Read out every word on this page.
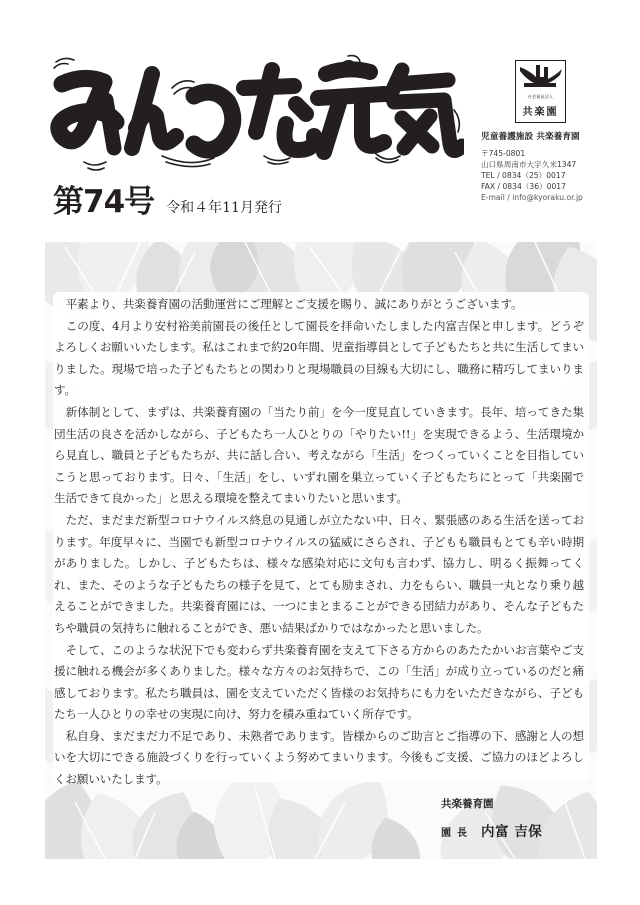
第74号 令和４年11月発行
社会福祉法人
共楽園
児童養護施設 共楽養育園
〒745-0801
山口県周南市大字久米1347
TEL / 0834（25）0017
FAX / 0834（36）0017
E-mail / info@kyoraku.or.jp

平素より、共楽養育園の活動運営にご理解とご支援を賜り、誠にありがとうございます。

この度、4月より安村裕美前園長の後任として園長を拝命いたしました内富吉保と申します。どうぞよろしくお願いいたします。私はこれまで約20年間、児童指導員として子どもたちと共に生活してまいりました。現場で培った子どもたちとの関わりと現場職員の目線も大切にし、職務に精巧してまいります。

新体制として、まずは、共楽養育園の「当たり前」を今一度見直していきます。長年、培ってきた集団生活の良さを活かしながら、子どもたち一人ひとりの「やりたい!!」を実現できるよう、生活環境から見直し、職員と子どもたちが、共に話し合い、考えながら「生活」をつくっていくことを目指していこうと思っております。日々、「生活」をし、いずれ園を巣立っていく子どもたちにとって「共楽園で生活できて良かった」と思える環境を整えてまいりたいと思います。

ただ、まだまだ新型コロナウイルス終息の見通しが立たない中、日々、緊張感のある生活を送っております。年度早々に、当園でも新型コロナウイルスの猛威にさらされ、子どもも職員もとても辛い時期がありました。しかし、子どもたちは、様々な感染対応に文句も言わず、協力し、明るく振舞ってくれ、また、そのような子どもたちの様子を見て、とても励まされ、力をもらい、職員一丸となり乗り越えることができました。共楽養育園には、一つにまとまることができる団結力があり、そんな子どもたちや職員の気持ちに触れることができ、悪い結果ばかりではなかったと思いました。

そして、このような状況下でも変わらず共楽養育園を支えて下さる方からのあたたかいお言葉やご支援に触れる機会が多くありました。様々な方々のお気持ちで、この「生活」が成り立っているのだと痛感しております。私たち職員は、園を支えていただく皆様のお気持ちにも力をいただきながら、子どもたち一人ひとりの幸せの実現に向け、努力を積み重ねていく所存です。

私自身、まだまだ力不足であり、未熟者であります。皆様からのご助言とご指導の下、感謝と人の想いを大切にできる施設づくりを行っていくよう努めてまいります。今後もご支援、ご協力のほどよろしくお願いいたします。

共楽養育園
園長 内富 吉保
